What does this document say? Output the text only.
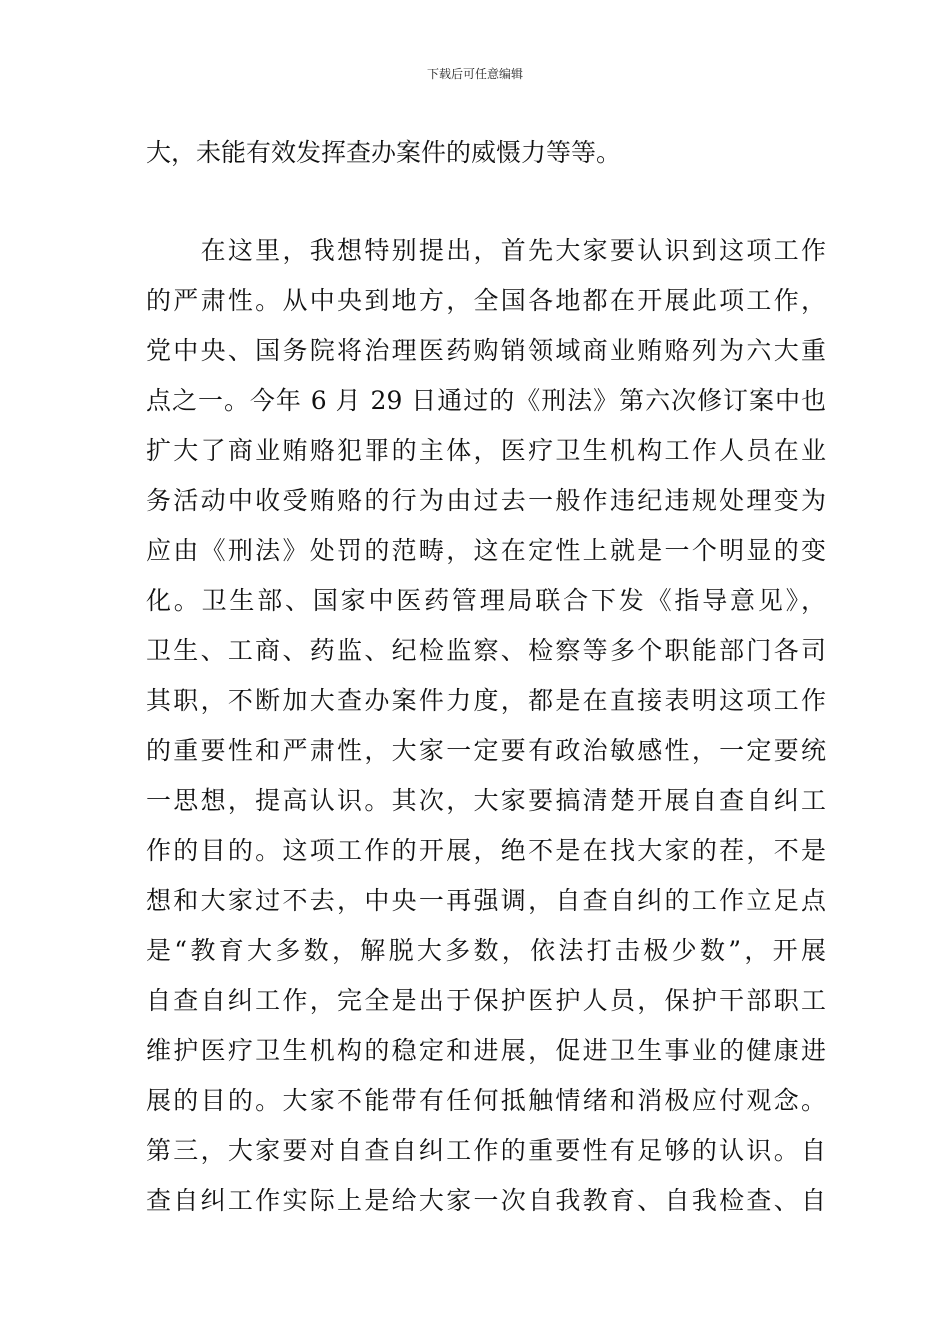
下载后可任意编辑
大，未能有效发挥查办案件的威慑力等等。
　　在这里，我想特别提出，首先大家要认识到这项工作
的严肃性。从中央到地方，全国各地都在开展此项工作，
党中央、国务院将治理医药购销领域商业贿赂列为六大重
点之一。今年 6 月 29 日通过的《刑法》第六次修订案中也
扩大了商业贿赂犯罪的主体，医疗卫生机构工作人员在业
务活动中收受贿赂的行为由过去一般作违纪违规处理变为
应由《刑法》处罚的范畴，这在定性上就是一个明显的变
化。卫生部、国家中医药管理局联合下发《指导意见》，
卫生、工商、药监、纪检监察、检察等多个职能部门各司
其职，不断加大查办案件力度，都是在直接表明这项工作
的重要性和严肃性，大家一定要有政治敏感性，一定要统
一思想，提高认识。其次，大家要搞清楚开展自查自纠工
作的目的。这项工作的开展，绝不是在找大家的茬，不是
想和大家过不去，中央一再强调，自查自纠的工作立足点
是“教育大多数，解脱大多数，依法打击极少数”，开展
自查自纠工作，完全是出于保护医护人员，保护干部职工
维护医疗卫生机构的稳定和进展，促进卫生事业的健康进
展的目的。大家不能带有任何抵触情绪和消极应付观念。
第三，大家要对自查自纠工作的重要性有足够的认识。自
查自纠工作实际上是给大家一次自我教育、自我检查、自
